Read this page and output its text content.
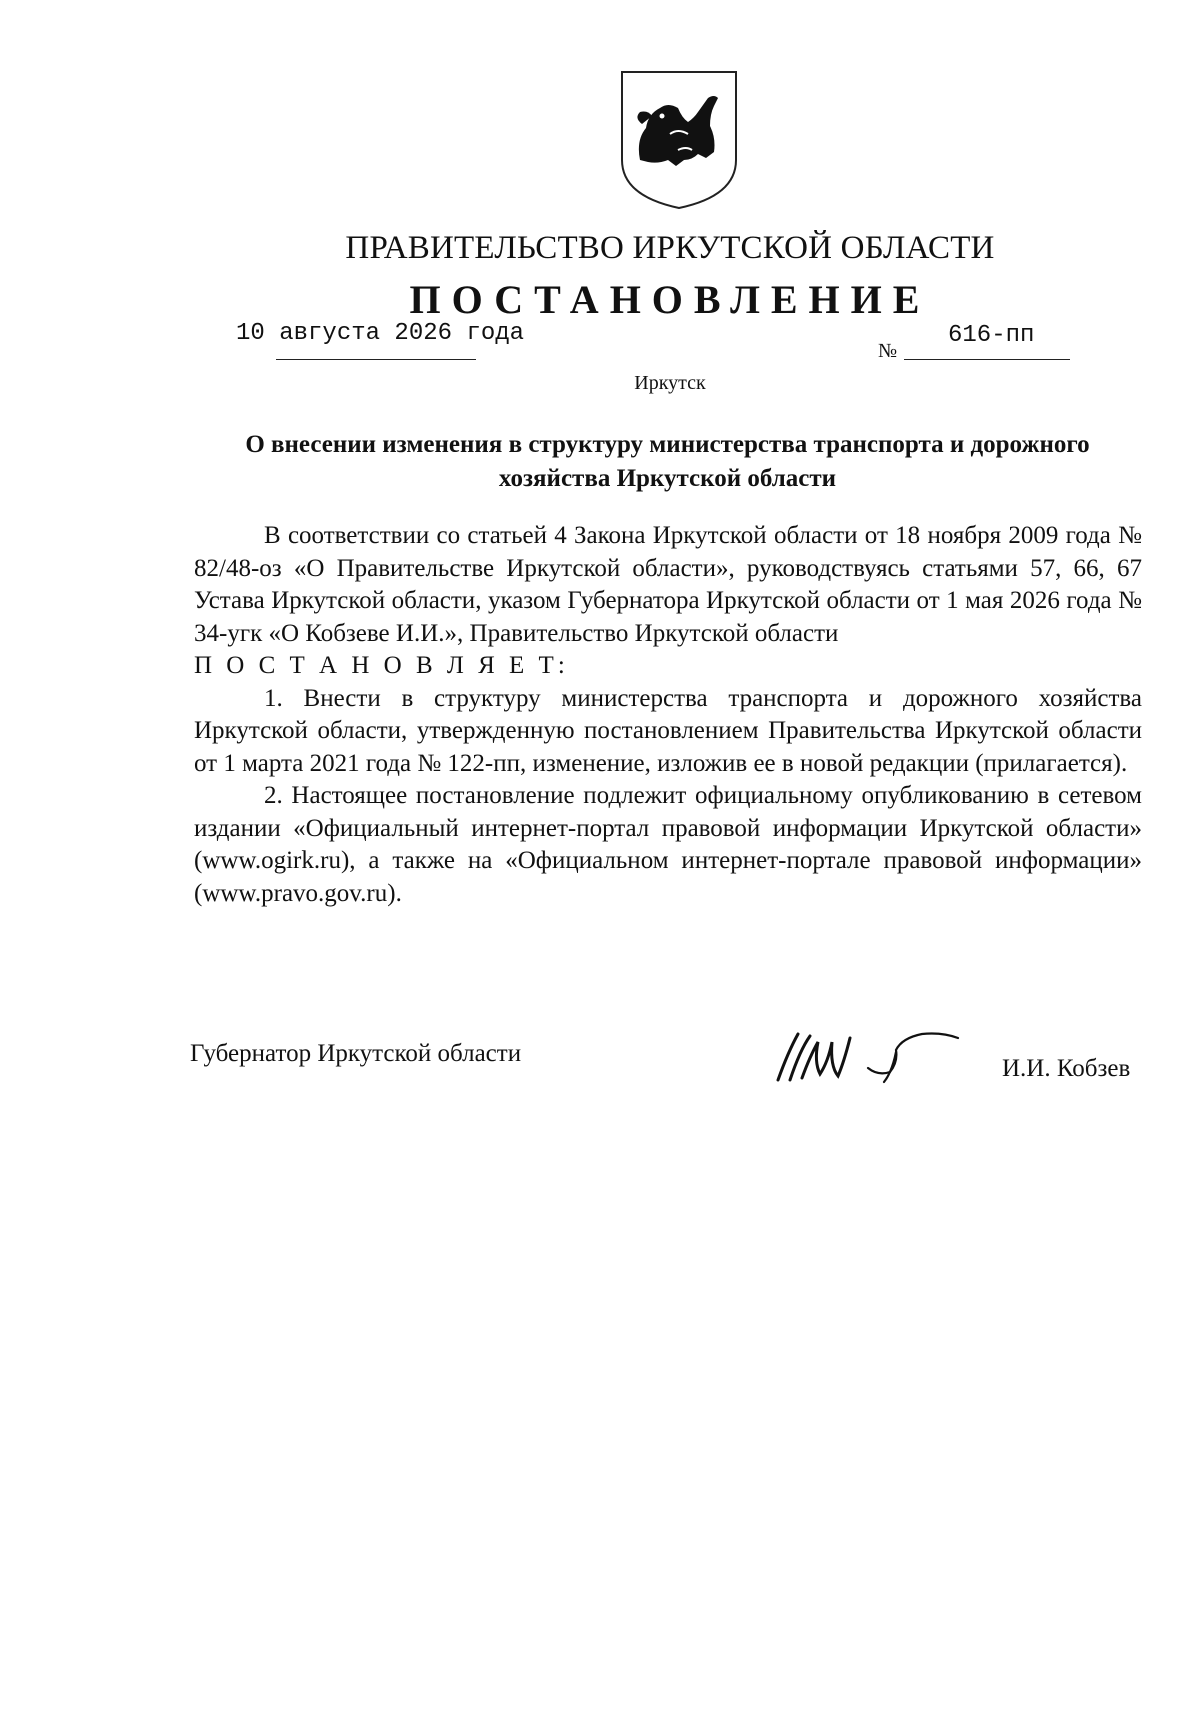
ПРАВИТЕЛЬСТВО ИРКУТСКОЙ ОБЛАСТИ
ПОСТАНОВЛЕНИЕ
10 августа 2026 года
№
616-пп
Иркутск
О внесении изменения в структуру министерства транспорта и дорожного хозяйства Иркутской области

В соответствии со статьей 4 Закона Иркутской области от 18 ноября 2009 года № 82/48-оз «О Правительстве Иркутской области», руководствуясь статьями 57, 66, 67 Устава Иркутской области, указом Губернатора Иркутской области от 1 мая 2026 года № 34-угк «О Кобзеве И.И.», Правительство Иркутской области

П О С Т А Н О В Л Я Е Т:

1. Внести в структуру министерства транспорта и дорожного хозяйства Иркутской области, утвержденную постановлением Правительства Иркутской области от 1 марта 2021 года № 122-пп, изменение, изложив ее в новой редакции (прилагается).

2. Настоящее постановление подлежит официальному опубликованию в сетевом издании «Официальный интернет-портал правовой информации Иркутской области» (www.ogirk.ru), а также на «Официальном интернет-портале правовой информации» (www.pravo.gov.ru).

Губернатор Иркутской области
И.И. Кобзев
